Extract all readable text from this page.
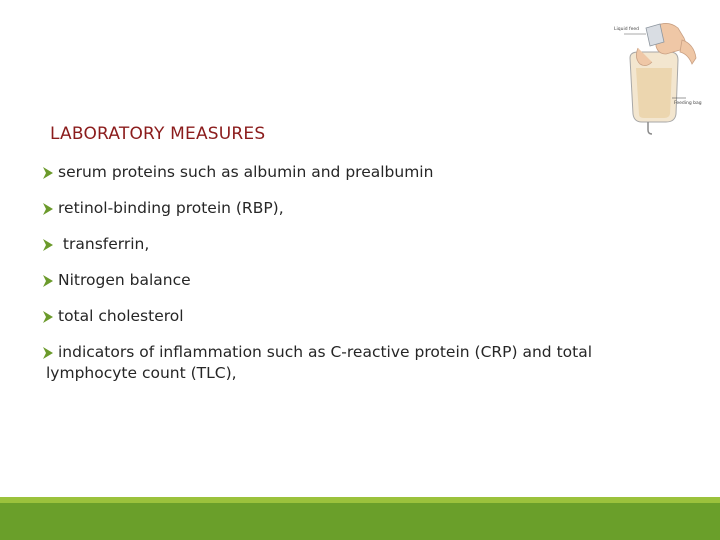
Liquid feed
Feeding bag
LABORATORY MEASURES
serum proteins such as albumin and prealbumin
retinol-binding protein (RBP),
transferrin,
Nitrogen balance
total cholesterol
indicators of inflammation such as C-reactive protein (CRP) and total
lymphocyte count (TLC),
